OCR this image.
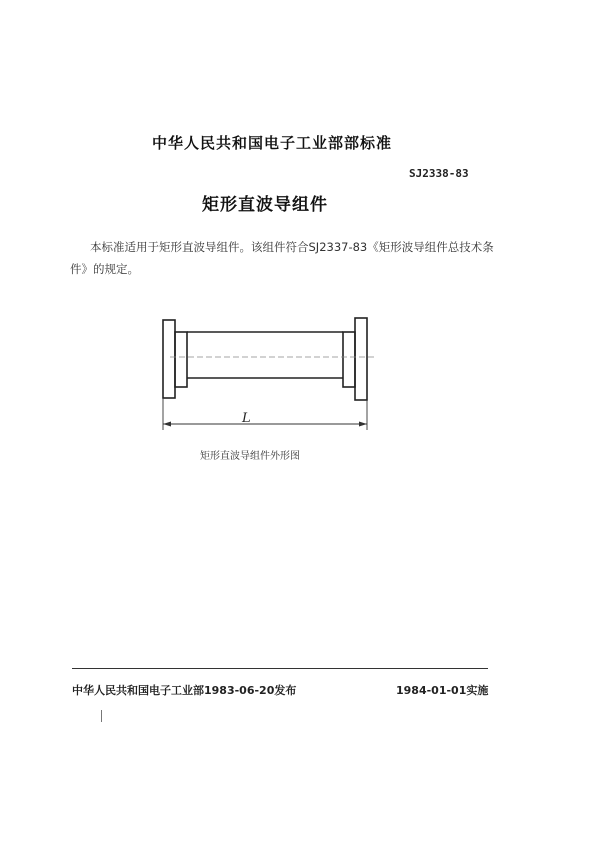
中华人民共和国电子工业部部标准
SJ2338-83
矩形直波导组件
本标准适用于矩形直波导组件。该组件符合SJ2337-83《矩形波导组件总技术条
件》的规定。
L
矩形直波导组件外形图
中华人民共和国电子工业部1983-06-20发布	1984-01-01实施
